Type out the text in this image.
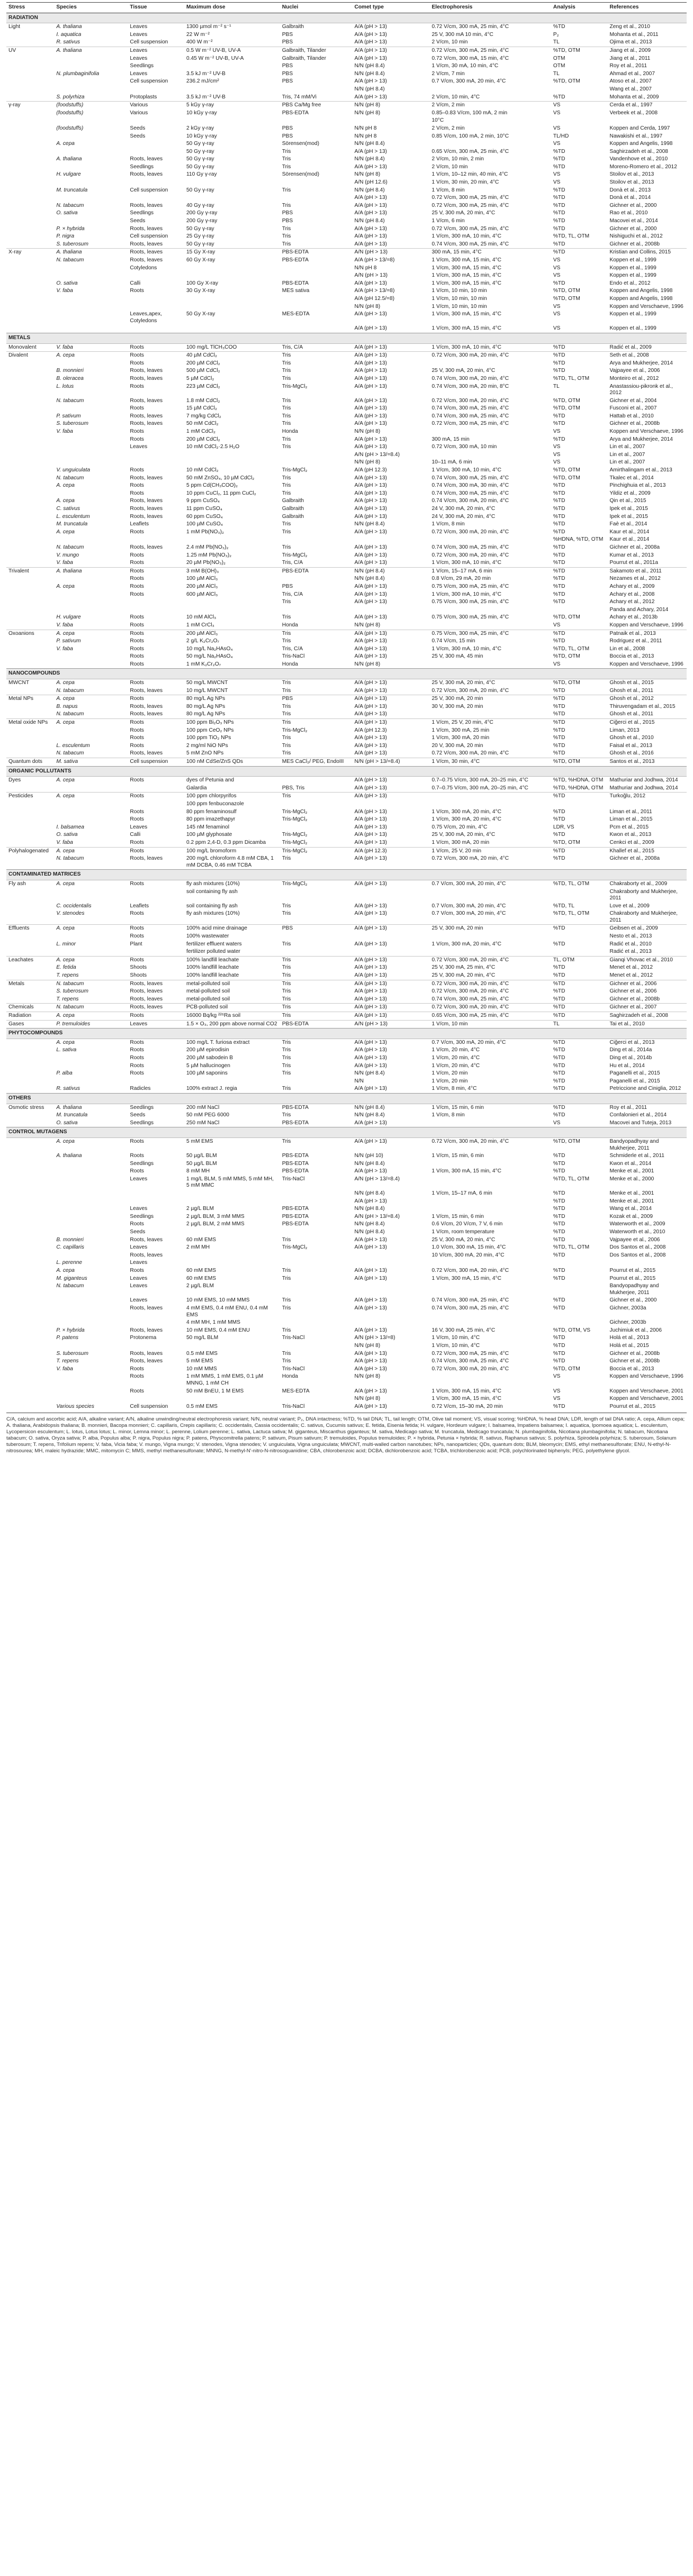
Stress	Species	Tissue	Maximum dose	Nuclei	Comet type	Electrophoresis	Analysis	References
RADIATION								
Light	A. thaliana	Leaves	1300 µmol m⁻² s⁻¹	Galbraith	A/A (pH > 13)	0.72 V/cm, 300 mA, 25 min, 4°C	%TD	Zeng et al., 2010
	I. aquatica	Leaves	22 W m⁻²	PBS	A/A (pH > 13)	25 V, 300 mA 10 min, 4°C	P₂	Mohanta et al., 2011
	R. sativus	Cell suspension	400 W m⁻²	PBS	A/A (pH > 13)	2 V/cm, 10 min	TL	Ojima et al., 2013
UV	A. thaliana	Leaves	0.5 W m⁻² UV-B, UV-A	Galbraith, Tilander	A/A (pH > 13)	0.72 V/cm, 300 mA, 25 min, 4°C	%TD, OTM	Jiang et al., 2009
		Leaves	0.45 W m⁻² UV-B, UV-A	Galbraith, Tilander	A/A (pH > 13)	0.72 V/cm, 300 mA, 15 min, 4°C	OTM	Jiang et al., 2011
		Seedlings		PBS	N/N (pH 8.4)	1 V/cm, 30 mA, 10 min, 4°C	OTM	Roy et al., 2011
	N. plumbaginifolia	Leaves	3.5 kJ m⁻² UV-B	PBS	N/N (pH 8.4)	2 V/cm, 7 min	TL	Ahmad et al., 2007
		Cell suspension	236.2 mJ/cm²	PBS	A/A (pH > 13)	0.7 V/cm, 300 mA, 20 min, 4°C	%TD, OTM	Atoso et al., 2007
					N/N (pH 8.4)			Wang et al., 2007
	S. polyrhiza	Protoplasts	3.5 kJ m⁻² UV-B	Tris, 74 mM/Vi	A/A (pH > 13)	2 V/cm, 10 min, 4°C	%TD	Mohanta et al., 2009
γ-ray	(foodstuffs)	Various	5 kGy γ-ray	PBS Ca/Mg free	N/N (pH 8)	2 V/cm, 2 min	VS	Cerda et al., 1997
	(foodstuffs)	Various	10 kGy γ-ray	PBS-EDTA	N/N (pH 8)	0.85–0.83 V/cm, 100 mA, 2 min	VS	Verbeek et al., 2008
						10°C		
	(foodstuffs)	Seeds	2 kGy γ-ray	PBS	N/N pH 8	2 V/cm, 2 min	VS	Koppen and Cerda, 1997
		Seeds	10 kGy γ-ray	PBS	N/N pH 8	0.85 V/cm, 100 mA, 2 min, 10°C	TL/HD	Nawakishi et al., 1997
	A. cepa		50 Gy γ-ray	Sörensen(mod)	N/N (pH 8.4)		VS	Koppen and Angelis, 1998
			50 Gy γ-ray	Tris	A/A (pH > 13)	0.65 V/cm, 300 mA, 25 min, 4°C	%TD	Saghirzadeh et al., 2008
	A. thaliana	Roots, leaves	50 Gy γ-ray	Tris	N/N (pH 8.4)	2 V/cm, 10 min, 2 min	%TD	Vandenhove et al., 2010
		Seedlings	50 Gy γ-ray	Tris	A/A (pH > 13)	2 V/cm, 10 min	%TD	Moreno-Romero et al., 2012
	H. vulgare	Roots, leaves	110 Gy γ-ray	Sörensen(mod)	N/N (pH 8)	1 V/cm, 10–12 min, 40 min, 4°C	VS	Stoilov et al., 2013
					A/N (pH 12.6)	1 V/cm, 30 min, 20 min, 4°C	VS	Stoilov et al., 2013
	M. truncatula	Cell suspension	50 Gy γ-ray	Tris	N/N (pH 8.4)	1 V/cm, 8 min	%TD	Donà et al., 2013
					A/A (pH > 13)	0.72 V/cm, 300 mA, 25 min, 4°C	%TD	Donà et al., 2014
	N. tabacum	Roots, leaves	40 Gy γ-ray	Tris	A/A (pH > 13)	0.72 V/cm, 300 mA, 25 min, 4°C	%TD	Gichner et al., 2000
	O. sativa	Seedlings	200 Gy γ-ray	PBS	A/A (pH > 13)	25 V, 300 mA, 20 min, 4°C	%TD	Rao et al., 2010
		Seeds	200 Gy γ-ray	PBS	N/N (pH 8.4)	1 V/cm, 6 min	%TD	Macovei et al., 2014
	P. × hybrida	Roots, leaves	50 Gy γ-ray	Tris	A/A (pH > 13)	0.72 V/cm, 300 mA, 25 min, 4°C	%TD	Gichner et al., 2000
	P. nigra	Cell suspension	25 Gy γ-ray	Tris	A/A (pH > 13)	1 V/cm, 300 mA, 10 min, 4°C	%TD, TL, OTM	Nishiguchi et al., 2012
	S. tuberosum	Roots, leaves	50 Gy γ-ray	Tris	A/A (pH > 13)	0.74 V/cm, 300 mA, 25 min, 4°C	%TD	Gichner et al., 2008b
X-ray	A. thaliana	Roots, leaves	15 Gy X-ray	PBS-EDTA	A/N (pH > 13)	300 mA, 15 min, 4°C	%TD	Kristian and Collins, 2015
	N. tabacum	Roots, leaves	60 Gy X-ray	PBS-EDTA	A/A (pH > 13/=8)	1 V/cm, 300 mA, 15 min, 4°C	VS	Koppen et al., 1999
		Cotyledons			N/N pH 8	1 V/cm, 300 mA, 15 min, 4°C	VS	Koppen et al., 1999
					A/N (pH > 13)	1 V/cm, 300 mA, 15 min, 4°C	VS	Koppen et al., 1999
	O. sativa	Calli	100 Gy X-ray	PBS-EDTA	A/A (pH > 13)	1 V/cm, 300 mA, 15 min, 4°C	%TD	Endo et al., 2012
	V. faba	Roots	30 Gy X-ray	MES sativa	A/A (pH > 13/=8)	1 V/cm, 10 min, 10 min	%TD, OTM	Koppen and Angelis, 1998
					A/A (pH 12.5/=8)	1 V/cm, 10 min, 10 min	%TD, OTM	Koppen and Angelis, 1998
					N/N (pH 8)	1 V/cm, 10 min, 10 min	VS	Koppen and Verschaeve, 1996
		Leaves,apex, Cotyledons	50 Gy X-ray	MES-EDTA	A/A (pH > 13)	1 V/cm, 300 mA, 15 min, 4°C	VS	Koppen et al., 1999
					A/A (pH > 13)	1 V/cm, 300 mA, 15 min, 4°C	VS	Koppen et al., 1999
METALS								
Monovalent	V. faba	Roots	100 mg/L TlCH₃COO	Tris, C/A	A/A (pH > 13)	1 V/cm, 300 mA, 10 min, 4°C	%TD	Radić et al., 2009
Divalent	A. cepa	Roots	40 µM CdCl₂	Tris	A/A (pH > 13)	0.72 V/cm, 300 mA, 20 min, 4°C	%TD	Seth et al., 2008
		Roots	200 µM CdCl₂	Tris	A/A (pH > 13)		%TD	Arya and Mukherjee, 2014
	B. monnieri	Roots, leaves	500 µM CdCl₂	Tris	A/A (pH > 13)	25 V, 300 mA, 20 min, 4°C	%TD	Vajpayee et al., 2006
	B. oleracea	Roots, leaves	5 µM CdCl₂	Tris	A/A (pH > 13)	0.74 V/cm, 300 mA, 20 min, 4°C	%TD, TL, OTM	Monteiro et al., 2012
	L. lotus	Roots	223 µM CdCl₂	Tris-MgCl₂	A/A (pH > 13)	0.74 V/cm, 300 mA, 20 min, 8°C	TL	Anastassiou-pikronk et al., 2012
	N. tabacum	Roots, leaves	1.8 mM CdCl₂	Tris	A/A (pH > 13)	0.72 V/cm, 300 mA, 20 min, 4°C	%TD, OTM	Gichner et al., 2004
		Roots	15 µM CdCl₂	Tris	A/A (pH > 13)	0.74 V/cm, 300 mA, 25 min, 4°C	%TD, OTM	Fusconi et al., 2007
	P. sativum	Roots, leaves	7 mg/kg CdCl₂	Tris	A/A (pH > 13)	0.74 V/cm, 300 mA, 25 min, 4°C	%TD	Hattab et al., 2010
	S. tuberosum	Roots, leaves	50 mM CdCl₂	Tris	A/A (pH > 13)	0.72 V/cm, 300 mA, 25 min, 4°C	%TD	Gichner et al., 2008b
	V. faba	Roots	1 mM CdCl₂	Honda	N/N (pH 8)		VS	Koppen and Verschaeve, 1996
		Roots	200 µM CdCl₂	Tris	A/A (pH > 13)	300 mA, 15 min	%TD	Arya and Mukherjee, 2014
		Leaves	10 mM CdCl₂·2.5 H₂O	Tris	A/A (pH > 13)	0.72 V/cm, 300 mA, 10 min	VS	Lin et al., 2007
					A/N (pH > 13/=8.4)		VS	Lin et al., 2007
					N/N (pH 8)	10–11 mA, 6 min	VS	Lin et al., 2007
	V. unguiculata	Roots	10 mM CdCl₂	Tris-MgCl₂	A/A (pH 12.3)	1 V/cm, 300 mA, 10 min, 4°C	%TD, OTM	Amirthalingam et al., 2013
	N. tabacum	Roots, leaves	50 mM ZnSO₄, 10 µM CdCl₂	Tris	A/A (pH > 13)	0.74 V/cm, 300 mA, 25 min, 4°C	%TD, OTM	Tkalec et al., 2014
	A. cepa	Roots	5 ppm Cd(CH₃COO)₂	Tris	A/A (pH > 13)	0.74 V/cm, 300 mA, 30 min, 4°C	%TD	Pinchighuia et al., 2013
		Roots	10 ppm CuCl₂, 11 ppm CuCl₂	Tris	A/A (pH > 13)	0.74 V/cm, 300 mA, 25 min, 4°C	%TD	Yildiz et al., 2009
	A. cepa	Roots, leaves	9 ppm CuSO₄	Galbraith	A/A (pH > 13)	0.74 V/cm, 300 mA, 20 min, 4°C	%TD	Qin et al., 2015
	C. sativus	Roots, leaves	11 ppm CuSO₄	Galbraith	A/A (pH > 13)	24 V, 300 mA, 20 min, 4°C	%TD	Ipek et al., 2015
	L. esculentum	Roots, leaves	60 ppm CuSO₄	Galbraith	A/A (pH > 13)	24 V, 300 mA, 20 min, 4°C	%TD	Ipek et al., 2015
	M. truncatula	Leaflets	100 µM CuSO₄	Tris	N/N (pH 8.4)	1 V/cm, 8 min	%TD	Faè et al., 2014
	A. cepa	Roots	1 mM Pb(NO₃)₂	Tris	A/A (pH > 13)	0.72 V/cm, 300 mA, 20 min, 4°C	%TD	Kaur et al., 2014
							%HDNA, %TD, OTM	Kaur et al., 2014
	N. tabacum	Roots, leaves	2.4 mM Pb(NO₃)₂	Tris	A/A (pH > 13)	0.74 V/cm, 300 mA, 25 min, 4°C	%TD	Gichner et al., 2008a
	V. mungo	Roots	1.25 mM Pb(NO₃)₂	Tris-MgCl₂	A/A (pH > 13)	0.72 V/cm, 300 mA, 20 min, 4°C	%TD	Kumar et al., 2013
	V. faba	Roots	20 µM Pb(NO₃)₂	Tris, C/A	A/A (pH > 13)	1 V/cm, 300 mA, 10 min, 4°C	%TD	Pourrut et al., 2011a
Trivalent	A. thaliana	Roots	3 mM B(OH)₃	PBS-EDTA	N/N (pH 8.4)	1 V/cm, 15–17 mA, 6 min	%TD	Sakamoto et al., 2011
		Roots	100 µM AlCl₃		N/N (pH 8.4)	0.8 V/cm, 29 mA, 20 min	%TD	Nezames et al., 2012
	A. cepa	Roots	200 µM AlCl₃	PBS	A/A (pH > 13)	0.75 V/cm, 300 mA, 25 min, 4°C	%TD	Achary et al., 2009
		Roots	600 µM AlCl₃	Tris, C/A	A/A (pH > 13)	1 V/cm, 300 mA, 10 min, 4°C	%TD	Achary et al., 2008
				Tris	A/A (pH > 13)	0.75 V/cm, 300 mA, 25 min, 4°C	%TD	Achary et al., 2012
								Panda and Achary, 2014
	H. vulgare	Roots	10 mM AlCl₃	Tris	A/A (pH > 13)	0.75 V/cm, 300 mA, 25 min, 4°C	%TD, OTM	Achary et al., 2013b
	V. faba	Roots	1 mM CrCl₃	Honda	N/N (pH 8)		VS	Koppen and Verschaeve, 1996
Oxoanions	A. cepa	Roots	200 µM AlCl₃	Tris	A/A (pH > 13)	0.75 V/cm, 300 mA, 25 min, 4°C	%TD	Patnaik et al., 2013
	P. sativum	Roots	2 g/L K₂Cr₂O₇	Tris	A/A (pH > 13)	0.74 V/cm, 15 min	%TD	Rodriguez et al., 2011
	V. faba	Roots	10 mg/L Na₂HAsO₄	Tris, C/A	A/A (pH > 13)	1 V/cm, 300 mA, 10 min, 4°C	%TD, TL, OTM	Lin et al., 2008
		Roots	50 mg/L Na₂HAsO₄	Tris-NaCl	A/A (pH > 13)	25 V, 300 mA, 45 min	%TD, OTM	Boccia et al., 2013
		Roots	1 mM K₂Cr₂O₇	Honda	N/N (pH 8)		VS	Koppen and Verschaeve, 1996
NANOCOMPOUNDS								
MWCNT	A. cepa	Roots	50 mg/L MWCNT	Tris	A/A (pH > 13)	25 V, 300 mA, 20 min, 4°C	%TD, OTM	Ghosh et al., 2015
	N. tabacum	Roots, leaves	10 mg/L MWCNT	Tris	A/A (pH > 13)	0.72 V/cm, 300 mA, 20 min, 4°C	%TD	Ghosh et al., 2011
Metal NPs	A. cepa	Roots	80 mg/L Ag NPs	PBS	A/A (pH > 13)	25 V, 300 mA, 20 min	%TD	Ghosh et al., 2012
	B. napus	Roots, leaves	80 mg/L Ag NPs	Tris	A/A (pH > 13)	30 V, 300 mA, 20 min	%TD	Thiruvengadam et al., 2015
	N. tabacum	Roots, leaves	80 mg/L Ag NPs	Tris	A/A (pH > 13)		%TD	Ghosh et al., 2011
Metal oxide NPs	A. cepa	Roots	100 ppm Bi₂O₃ NPs	Tris	A/A (pH > 13)	1 V/cm, 25 V, 20 min, 4°C	%TD	Ciğerci et al., 2015
		Roots	100 ppm CeO₂ NPs	Tris-MgCl₂	A/A (pH 12.3)	1 V/cm, 300 mA, 25 min	%TD	Liman, 2013
		Roots	100 ppm TiO₂ NPs	Tris	A/A (pH > 13)	1 V/cm, 300 mA, 20 min	%TD	Ghosh et al., 2010
	L. esculentum	Roots	2 mg/ml NiO NPs	Tris	A/A (pH > 13)	20 V, 300 mA, 20 min	%TD	Faisal et al., 2013
	N. tabacum	Roots, leaves	5 mM ZnO NPs	Tris	A/A (pH > 13)	0.72 V/cm, 300 mA, 20 min, 4°C	%TD	Ghosh et al., 2016
Quantum dots	M. sativa	Cell suspension	100 nM CdSe/ZnS QDs	MES CaCl₂/ PEG, EndoIII	N/N (pH > 13/=8.4)	1 V/cm, 30 min, 4°C	%TD, OTM	Santos et al., 2013
ORGANIC POLLUTANTS								
Dyes	A. cepa	Roots	dyes of Petunia and		A/A (pH > 13)	0.7–0.75 V/cm, 300 mA, 20–25 min, 4°C	%TD, %HDNA, OTM	Mathuriar and Jodhwa, 2014
			Galardia	PBS, Tris	A/A (pH > 13)	0.7–0.75 V/cm, 300 mA, 20–25 min, 4°C	%TD, %HDNA, OTM	Mathuriar and Jodhwa, 2014
Pesticides	A. cepa	Roots	100 ppm chlorpyrifos	Tris	A/A (pH > 13)		%TD	Turkoğlu, 2012
			100 ppm fenbuconazole					
		Roots	80 ppm fenaminosulf	Tris-MgCl₂	A/A (pH > 13)	1 V/cm, 300 mA, 20 min, 4°C	%TD	Liman et al., 2011
		Roots	80 ppm imazethapyr	Tris-MgCl₂	A/A (pH > 13)	1 V/cm, 300 mA, 20 min, 4°C	%TD	Liman et al., 2015
	I. balsamea	Leaves	145 nM fenaminol		A/A (pH > 13)	0.75 V/cm, 20 min, 4°C	LDR, VS	Pcm et al., 2015
	O. sativa	Calli	100 µM glyphosate	Tris-MgCl₂	A/A (pH > 13)	25 V, 300 mA, 20 min, 4°C	%TD	Kwon et al., 2013
	V. faba	Roots	0.2 ppm 2,4-D, 0.3 ppm Dicamba	Tris-MgCl₂	A/A (pH > 13)	1 V/cm, 300 mA, 20 min	%TD, OTM	Cenkci et al., 2009
Polyhalogenated	A. cepa	Roots	100 mg/L bromoform	Tris-MgCl₂	A/A (pH 12.3)	1 V/cm, 25 V, 20 min	%TD	Khallef et al., 2015
	N. tabacum	Roots, leaves	200 mg/L chloroform 4.8 mM CBA, 1 mM DCBA, 0.46 mM TCBA	Tris	A/A (pH > 13)	0.72 V/cm, 300 mA, 20 min, 4°C	%TD	Gichner et al., 2008a
CONTAMINATED MATRICES								
Fly ash	A. cepa	Roots	fly ash mixtures (10%)	Tris-MgCl₂	A/A (pH > 13)	0.7 V/cm, 300 mA, 20 min, 4°C	%TD, TL, OTM	Chakraborty et al., 2009
			soil containing fly ash					Chakraborty and Mukherjee, 2011
	C. occidentalis	Leaflets	soil containing fly ash	Tris	A/A (pH > 13)	0.7 V/cm, 300 mA, 20 min, 4°C	%TD, TL	Love et al., 2009
	V. stenodes	Roots	fly ash mixtures (10%)	Tris	A/A (pH > 13)	0.7 V/cm, 300 mA, 20 min, 4°C	%TD, TL, OTM	Chakraborty and Mukherjee, 2011
Effluents	A. cepa	Roots	100% acid mine drainage	PBS	A/A (pH > 13)	25 V, 300 mA, 20 min	%TD	Geibsen et al., 2009
		Roots	100% wastewater					Nesto et al., 2013
	L. minor	Plant	fertilizer effluent waters	Tris	A/A (pH > 13)	1 V/cm, 300 mA, 20 min, 4°C	%TD	Radić et al., 2010
			fertilizer polluted water					Radić et al., 2013
Leachates	A. cepa	Roots	100% landfill leachate	Tris	A/A (pH > 13)	0.72 V/cm, 300 mA, 20 min, 4°C	TL, OTM	Gianqi Vhovac et al., 2010
	E. fetida	Shoots	100% landfill leachate	Tris	A/A (pH > 13)	25 V, 300 mA, 25 min, 4°C	%TD	Menet et al., 2012
	T. repens	Shoots	100% landfill leachate	Tris	A/A (pH > 13)	25 V, 300 mA, 20 min, 4°C	%TD	Menet et al., 2012
Metals	N. tabacum	Roots, leaves	metal-polluted soil	Tris	A/A (pH > 13)	0.72 V/cm, 300 mA, 20 min, 4°C	%TD	Gichner et al., 2006
	S. tuberosum	Roots, leaves	metal-polluted soil	Tris	A/A (pH > 13)	0.72 V/cm, 300 mA, 20 min, 4°C	%TD	Gichner et al., 2006
	T. repens	Roots, leaves	metal-polluted soil	Tris	A/A (pH > 13)	0.74 V/cm, 300 mA, 25 min, 4°C	%TD	Gichner et al., 2008b
Chemicals	N. tabacum	Roots, leaves	PCB-polluted soil	Tris	A/A (pH > 13)	0.72 V/cm, 300 mA, 20 min, 4°C	%TD	Gichner et al., 2007
Radiation	A. cepa	Roots	16000 Bq/kg ²²⁶Ra soil	Tris	A/A (pH > 13)	0.65 V/cm, 300 mA, 25 min, 4°C	%TD	Saghirzadeh et al., 2008
Gases	P. tremuloides	Leaves	1.5 × O₃, 200 ppm above normal CO2	PBS-EDTA	A/N (pH > 13)	1 V/cm, 10 min	TL	Tai et al., 2010
PHYTOCOMPOUNDS								
	A. cepa	Roots	100 mg/L T. furiosa extract	Tris	A/A (pH > 13)	0.7 V/cm, 300 mA, 20 min, 4°C	%TD	Ciğerci et al., 2013
	L. sativa	Roots	200 µM epirodisin	Tris	A/A (pH > 13)	1 V/cm, 20 min, 4°C	%TD	Ding et al., 2014a
		Roots	200 µM sabodein B	Tris	A/A (pH > 13)	1 V/cm, 20 min, 4°C	%TD	Ding et al., 2014b
		Roots	5 µM hallucinogen	Tris	A/A (pH > 13)	1 V/cm, 20 min, 4°C	%TD	Hu et al., 2014
	P. alba	Roots	100 µM saponins	Tris	N/N (pH 8.4)	1 V/cm, 20 min	%TD	Paganelli et al., 2015
					N/N	1 V/cm, 20 min	%TD	Paganelli et al., 2015
	R. sativus	Radicles	100% extract J. regia	Tris	A/A (pH > 13)	1 V/cm, 8 min, 4°C	%TD	Petriccione and Ciniglia, 2012
OTHERS								
Osmotic stress	A. thaliana	Seedlings	200 mM NaCl	PBS-EDTA	N/N (pH 8.4)	1 V/cm, 15 min, 6 min	%TD	Roy et al., 2011
	M. truncatula	Seeds	50 mM PEG 6000	Tris	N/N (pH 8.4)	1 V/cm, 8 min	%TD	Confalonieri et al., 2014
	O. sativa	Seedlings	250 mM NaCl	PBS-EDTA	A/A (pH > 13)		VS	Macovei and Tuteja, 2013
CONTROL MUTAGENS								
	A. cepa	Roots	5 mM EMS	Tris	A/A (pH > 13)	0.72 V/cm, 300 mA, 20 min, 4°C	%TD, OTM	Bandyopadhyay and Mukherjee, 2011
	A. thaliana	Roots	50 µg/L BLM	PBS-EDTA	N/N (pH 10)	1 V/cm, 15 min, 6 min	%TD	Schmiderle et al., 2011
		Seedlings	50 µg/L BLM	PBS-EDTA	N/N (pH 8.4)		%TD	Kwon et al., 2014
		Roots	8 mM MH	PBS-EDTA	A/A (pH > 13)	1 V/cm, 300 mA, 15 min, 4°C	%TD	Menke et al., 2001
		Leaves	1 mg/L BLM, 5 mM MMS, 5 mM MH, 5 mM MMC	Tris-NaCl	A/N (pH > 13/=8.4)		%TD, TL, OTM	Menke et al., 2000
					N/N (pH 8.4)	1 V/cm, 15–17 mA, 6 min	%TD	Menke et al., 2001
					A/A (pH > 13)		%TD	Menke et al., 2001
		Leaves	2 µg/L BLM	PBS-EDTA	N/N (pH 8.4)		%TD	Wang et al., 2014
		Seedlings	2 µg/L BLM, 3 mM MMS	PBS-EDTA	A/N (pH > 13/=8.4)	1 V/cm, 15 min, 6 min	%TD	Kozak et al., 2009
		Roots	2 µg/L BLM, 2 mM MMS	PBS-EDTA	N/N (pH 8.4)	0.6 V/cm, 20 V/cm, 7 V, 6 min	%TD	Waterworth et al., 2009
		Seeds			N/N (pH 8.4)	1 V/cm, room temperature	%TD	Waterworth et al., 2010
	B. monnieri	Roots, leaves	60 mM EMS	Tris	A/A (pH > 13)	25 V, 300 mA, 20 min, 4°C	%TD	Vajpayee et al., 2006
	C. capillaris	Leaves	2 mM MH	Tris-MgCl₂	A/A (pH > 13)	1.0 V/cm, 300 mA, 15 min, 4°C	%TD, TL, OTM	Dos Santos et al., 2008
		Roots, leaves				10 V/cm, 300 mA, 20 min, 4°C	%TD	Dos Santos et al., 2008
	L. perenne	Leaves						
	A. cepa	Roots	60 mM EMS	Tris	A/A (pH > 13)	0.72 V/cm, 300 mA, 20 min, 4°C	%TD	Pourrut et al., 2015
	M. giganteus	Leaves	60 mM EMS	Tris	A/A (pH > 13)	1 V/cm, 300 mA, 15 min, 4°C	%TD	Pourrut et al., 2015
	N. tabacum	Leaves	2 µg/L BLM					Bandyopadhyay and Mukherjee, 2011
		Leaves	10 mM EMS, 10 mM MMS	Tris	A/A (pH > 13)	0.74 V/cm, 300 mA, 25 min, 4°C	%TD	Gichner et al., 2000
		Roots, leaves	4 mM EMS, 0.4 mM ENU, 0.4 mM EMS	Tris	A/A (pH > 13)	0.74 V/cm, 300 mA, 25 min, 4°C	%TD	Gichner, 2003a
			4 mM MH, 1 mM MMS					Gichner, 2003b
	P. × hybrida	Roots, leaves	10 mM EMS, 0.4 mM ENU	Tris	A/A (pH > 13)	16 V, 300 mA, 25 min, 4°C	%TD, OTM, VS	Juchimiuk et al., 2006
	P. patens	Protonema	50 mg/L BLM	Tris-NaCl	A/N (pH > 13/=8)	1 V/cm, 10 min, 4°C	%TD	Holá et al., 2013
					N/N (pH 8)	1 V/cm, 10 min, 4°C	%TD	Holá et al., 2015
	S. tuberosum	Roots, leaves	0.5 mM EMS	Tris	A/A (pH > 13)	0.72 V/cm, 300 mA, 25 min, 4°C	%TD	Gichner et al., 2008b
	T. repens	Roots, leaves	5 mM EMS	Tris	A/A (pH > 13)	0.74 V/cm, 300 mA, 25 min, 4°C	%TD	Gichner et al., 2008b
	V. faba	Roots	10 mM MMS	Tris-NaCl	A/A (pH > 13)	0.72 V/cm, 300 mA, 20 min, 4°C	%TD, OTM	Boccia et al., 2013
		Roots	1 mM MMS, 1 mM EMS, 0.1 µM MNNG, 1 mM CH	Honda	N/N (pH 8)		VS	Koppen and Verschaeve, 1996
		Roots	50 mM BnEU, 1 M EMS	MES-EDTA	A/A (pH > 13)	1 V/cm, 300 mA, 15 min, 4°C	VS	Koppen and Verschaeve, 2001
					N/N (pH 8)	1 V/cm, 300 mA, 15 min, 4°C	VS	Koppen and Verschaeve, 2001
	Various species	Cell suspension	0.5 mM EMS	Tris-NaCl	A/A (pH > 13)	0.72 V/cm, 15–30 mA, 20 min	%TD	Pourrut et al., 2015
C/A, calcium and ascorbic acid; A/A, alkaline variant; A/N, alkaline unwinding/neutral electrophoresis variant; N/N, neutral variant; P₂, DNA intactness; %TD, % tail DNA; TL, tail length; OTM, Olive tail moment; VS, visual scoring; %HDNA, % head DNA; LDR, length of tail DNA ratio; A. cepa, Allium cepa; A. thaliana, Arabidopsis thaliana; B. monnieri, Bacopa monnieri; C. capillaris, Crepis capillaris; C. occidentalis, Cassia occidentalis; C. sativus, Cucumis sativus; E. fetida, Eisenia fetida; H. vulgare, Hordeum vulgare; I. balsamea, Impatiens balsamea; I. aquatica, Ipomoea aquatica; L. esculentum, Lycopersicon esculentum; L. lotus, Lotus lotus; L. minor, Lemna minor; L. perenne, Lolium perenne; L. sativa, Lactuca sativa; M. giganteus, Miscanthus giganteus; M. sativa, Medicago sativa; M. truncatula, Medicago truncatula; N. plumbaginifolia, Nicotiana plumbaginifolia; N. tabacum, Nicotiana tabacum; O. sativa, Oryza sativa; P. alba, Populus alba; P. nigra, Populus nigra; P. patens, Physcomitrella patens; P. sativum, Pisum sativum; P. tremuloides, Populus tremuloides; P. × hybrida, Petunia × hybrida; R. sativus, Raphanus sativus; S. polyrhiza, Spirodela polyrhiza; S. tuberosum, Solanum tuberosum; T. repens, Trifolium repens; V. faba, Vicia faba; V. mungo, Vigna mungo; V. stenodes, Vigna stenodes; V. unguiculata, Vigna unguiculata; MWCNT, multi-walled carbon nanotubes; NPs, nanoparticles; QDs, quantum dots; BLM, bleomycin; EMS, ethyl methanesulfonate; ENU, N-ethyl-N-nitrosourea; MH, maleic hydrazide; MMC, mitomycin C; MMS, methyl methanesulfonate; MNNG, N-methyl-N'-nitro-N-nitrosoguanidine; CBA, chlorobenzoic acid; DCBA, dichlorobenzoic acid; TCBA, trichlorobenzoic acid; PCB, polychlorinated biphenyls; PEG, polyethylene glycol.
